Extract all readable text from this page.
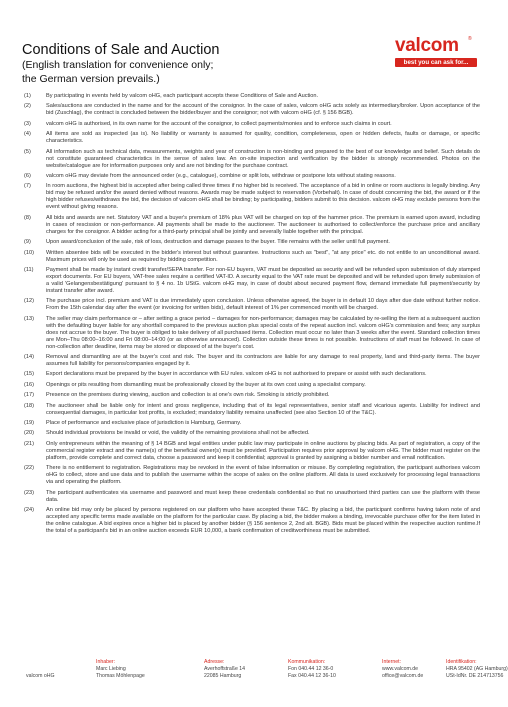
Conditions of Sale and Auction
(English translation for convenience only;
the German version prevails.)
valcom	®
best you can ask for...
(1)	By participating in events held by valcom oHG, each participant accepts these Conditions of Sale and Auction.
(2)	Sales/auctions are conducted in the name and for the account of the consignor. In the case of sales, valcom oHG acts solely as intermediary/broker. Upon acceptance of the bid (Zuschlag), the contract is concluded between the bidder/buyer and the consignor; not with valcom oHG (cf. § 156 BGB).
(3)	valcom oHG is authorised, in its own name for the account of the consignor, to collect payments/monies and to enforce such claims in court.
(4)	All items are sold as inspected (as is). No liability or warranty is assumed for quality, condition, completeness, open or hidden defects, faults or damage, or specific characteristics.
(5)	All information such as technical data, measurements, weights and year of construction is non-binding and prepared to the best of our knowledge and belief. Such details do not constitute guaranteed characteristics in the sense of sales law. An on-site inspection and verification by the bidder is strongly recommended. Photos on the website/catalogue are for information purposes only and are not binding for the purchase contract.
(6)	valcom oHG may deviate from the announced order (e.g., catalogue), combine or split lots, withdraw or postpone lots without stating reasons.
(7)	In room auctions, the highest bid is accepted after being called three times if no higher bid is received. The acceptance of a bid in online or room auctions is legally binding. Any bid may be refused and/or the award denied without reasons. Awards may be made subject to reservation (Vorbehalt). In case of doubt concerning the bid, the award or if the high bidder refuses/withdraws the bid, the decision of valcom oHG shall be binding; by participating, bidders submit to this decision. valcom oHG may exclude persons from the event without giving reasons.
(8)	All bids and awards are net. Statutory VAT and a buyer's premium of 18% plus VAT will be charged on top of the hammer price. The premium is earned upon award, including in cases of rescission or non-performance. All payments shall be made to the auctioneer. The auctioneer is authorised to collect/enforce the purchase price and ancillary charges for the consignor. A bidder acting for a third-party principal shall be jointly and severally liable together with the principal.
(9)	Upon award/conclusion of the sale, risk of loss, destruction and damage passes to the buyer. Title remains with the seller until full payment.
(10)	Written absentee bids will be executed in the bidder's interest but without guarantee. Instructions such as "best", "at any price" etc. do not entitle to an unconditional award. Maximum prices will only be used as required by bidding competition.
(11)	Payment shall be made by instant credit transfer/SEPA transfer. For non-EU buyers, VAT must be deposited as security and will be refunded upon submission of duly stamped export documents. For EU buyers, VAT-free sales require a certified VAT-ID. A security equal to the VAT rate must be deposited and will be refunded upon timely submission of a valid 'Gelangensbestätigung' pursuant to § 4 no. 1b UStG. valcom oHG may, in case of doubt about secured payment flow, demand immediate full payment/security by instant transfer after award.
(12)	The purchase price incl. premium and VAT is due immediately upon conclusion. Unless otherwise agreed, the buyer is in default 10 days after due date without further notice. From the 15th calendar day after the event (or invoicing for written bids), default interest of 1% per commenced month will be charged.
(13)	The seller may claim performance or – after setting a grace period – damages for non-performance; damages may be calculated by re-selling the item at a subsequent auction with the defaulting buyer liable for any shortfall compared to the previous auction plus special costs of the repeat auction incl. valcom oHG's commission and fees; any surplus does not accrue to the buyer. The buyer is obliged to take delivery of all purchased items. Collection must occur no later than 3 weeks after the event. Standard collection times are Mon–Thu 08:00–16:00 and Fri 08:00–14:00 (or as otherwise announced). Collection outside these times is not possible. Instructions of staff must be followed. In case of non-collection after deadline, items may be stored or disposed of at the buyer's cost.
(14)	Removal and dismantling are at the buyer's cost and risk. The buyer and its contractors are liable for any damage to real property, land and third-party items. The buyer assumes full liability for persons/companies engaged by it.
(15)	Export declarations must be prepared by the buyer in accordance with EU rules. valcom oHG is not authorised to prepare or assist with such declarations.
(16)	Openings or pits resulting from dismantling must be professionally closed by the buyer at its own cost using a specialist company.
(17)	Presence on the premises during viewing, auction and collection is at one's own risk. Smoking is strictly prohibited.
(18)	The auctioneer shall be liable only for intent and gross negligence, including that of its legal representatives, senior staff and vicarious agents. Liability for indirect and consequential damages, in particular lost profits, is excluded; mandatory liability remains unaffected (see also Section 10 of the T&C).
(19)	Place of performance and exclusive place of jurisdiction is Hamburg, Germany.
(20)	Should individual provisions be invalid or void, the validity of the remaining provisions shall not be affected.
(21)	Only entrepreneurs within the meaning of § 14 BGB and legal entities under public law may participate in online auctions by placing bids. As part of registration, a copy of the commercial register extract and the name(s) of the beneficial owner(s) must be provided. Participation requires prior approval by valcom oHG. The bidder must register on the platform, provide complete and correct data, choose a password and keep it confidential; approval is granted by assigning a bidder number and email notification.
(22)	There is no entitlement to registration. Registrations may be revoked in the event of false information or misuse. By completing registration, the participant authorises valcom oHG to collect, store and use data and to publish the username within the scope of sales on the online platform. All data is used exclusively for processing legal transactions via and operating the platform.
(23)	The participant authenticates via username and password and must keep these credentials confidential so that no unauthorised third parties can use the platform with these data.
(24)	An online bid may only be placed by persons registered on our platform who have accepted these T&C. By placing a bid, the participant confirms having taken note of and accepted any specific terms made available on the platform for the particular case. By placing a bid, the bidder makes a binding, irrevocable purchase offer for the item listed in the online catalogue. A bid expires once a higher bid is placed by another bidder (§ 156 sentence 2, 2nd alt. BGB). Bids must be placed within the respective auction runtime.If the total of a participant's bid in an online auction exceeds EUR 10,000, a bank confirmation of creditworthiness must be submitted.
valcom oHG
Inhaber:
Marc Liebing
Thomas Möhlenpage
Adresse:
Averhoffstraße 14
22085 Hamburg
Kommunikation:
Fon 040.44 12 36-0
Fax 040.44 12 36-10
Internet:
www.valcom.de
office@valcom.de
Identifikation:
HRA 95402 (AG Hamburg)
USt-IdNr. DE 214713756
